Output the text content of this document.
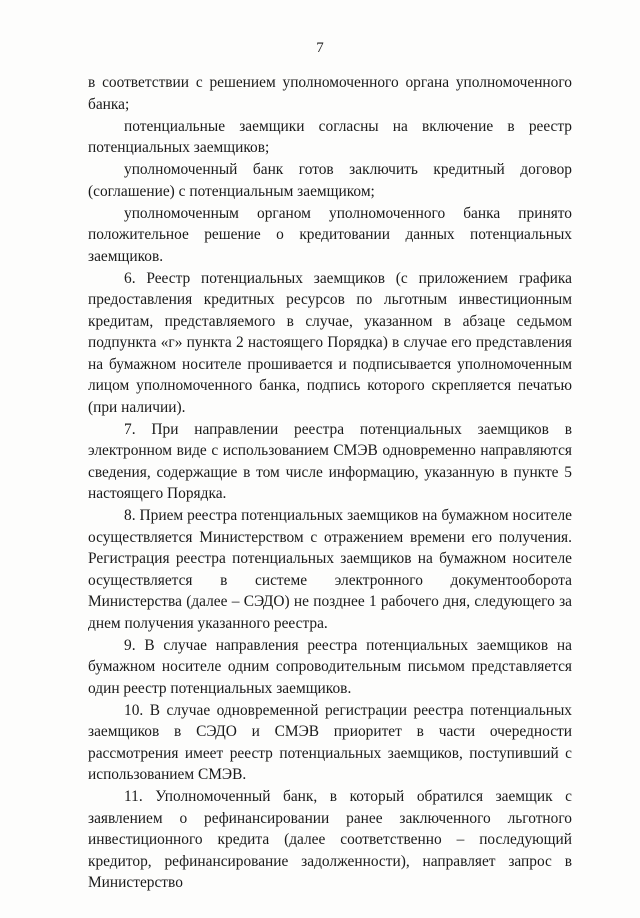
7

в соответствии с решением уполномоченного органа уполномоченного банка;

потенциальные заемщики согласны на включение в реестр потенциальных заемщиков;

уполномоченный банк готов заключить кредитный договор (соглашение) с потенциальным заемщиком;

уполномоченным органом уполномоченного банка принято положительное решение о кредитовании данных потенциальных заемщиков.

6. Реестр потенциальных заемщиков (с приложением графика предоставления кредитных ресурсов по льготным инвестиционным кредитам, представляемого в случае, указанном в абзаце седьмом подпункта «г» пункта 2 настоящего Порядка) в случае его представления на бумажном носителе прошивается и подписывается уполномоченным лицом уполномоченного банка, подпись которого скрепляется печатью (при наличии).

7. При направлении реестра потенциальных заемщиков в электронном виде с использованием СМЭВ одновременно направляются сведения, содержащие в том числе информацию, указанную в пункте 5 настоящего Порядка.

8. Прием реестра потенциальных заемщиков на бумажном носителе осуществляется Министерством с отражением времени его получения. Регистрация реестра потенциальных заемщиков на бумажном носителе осуществляется в системе электронного документооборота Министерства (далее – СЭДО) не позднее 1 рабочего дня, следующего за днем получения указанного реестра.

9. В случае направления реестра потенциальных заемщиков на бумажном носителе одним сопроводительным письмом представляется один реестр потенциальных заемщиков.

10. В случае одновременной регистрации реестра потенциальных заемщиков в СЭДО и СМЭВ приоритет в части очередности рассмотрения имеет реестр потенциальных заемщиков, поступивший с использованием СМЭВ.

11. Уполномоченный банк, в который обратился заемщик с заявлением о рефинансировании ранее заключенного льготного инвестиционного кредита (далее соответственно – последующий кредитор, рефинансирование задолженности), направляет запрос в Министерство
